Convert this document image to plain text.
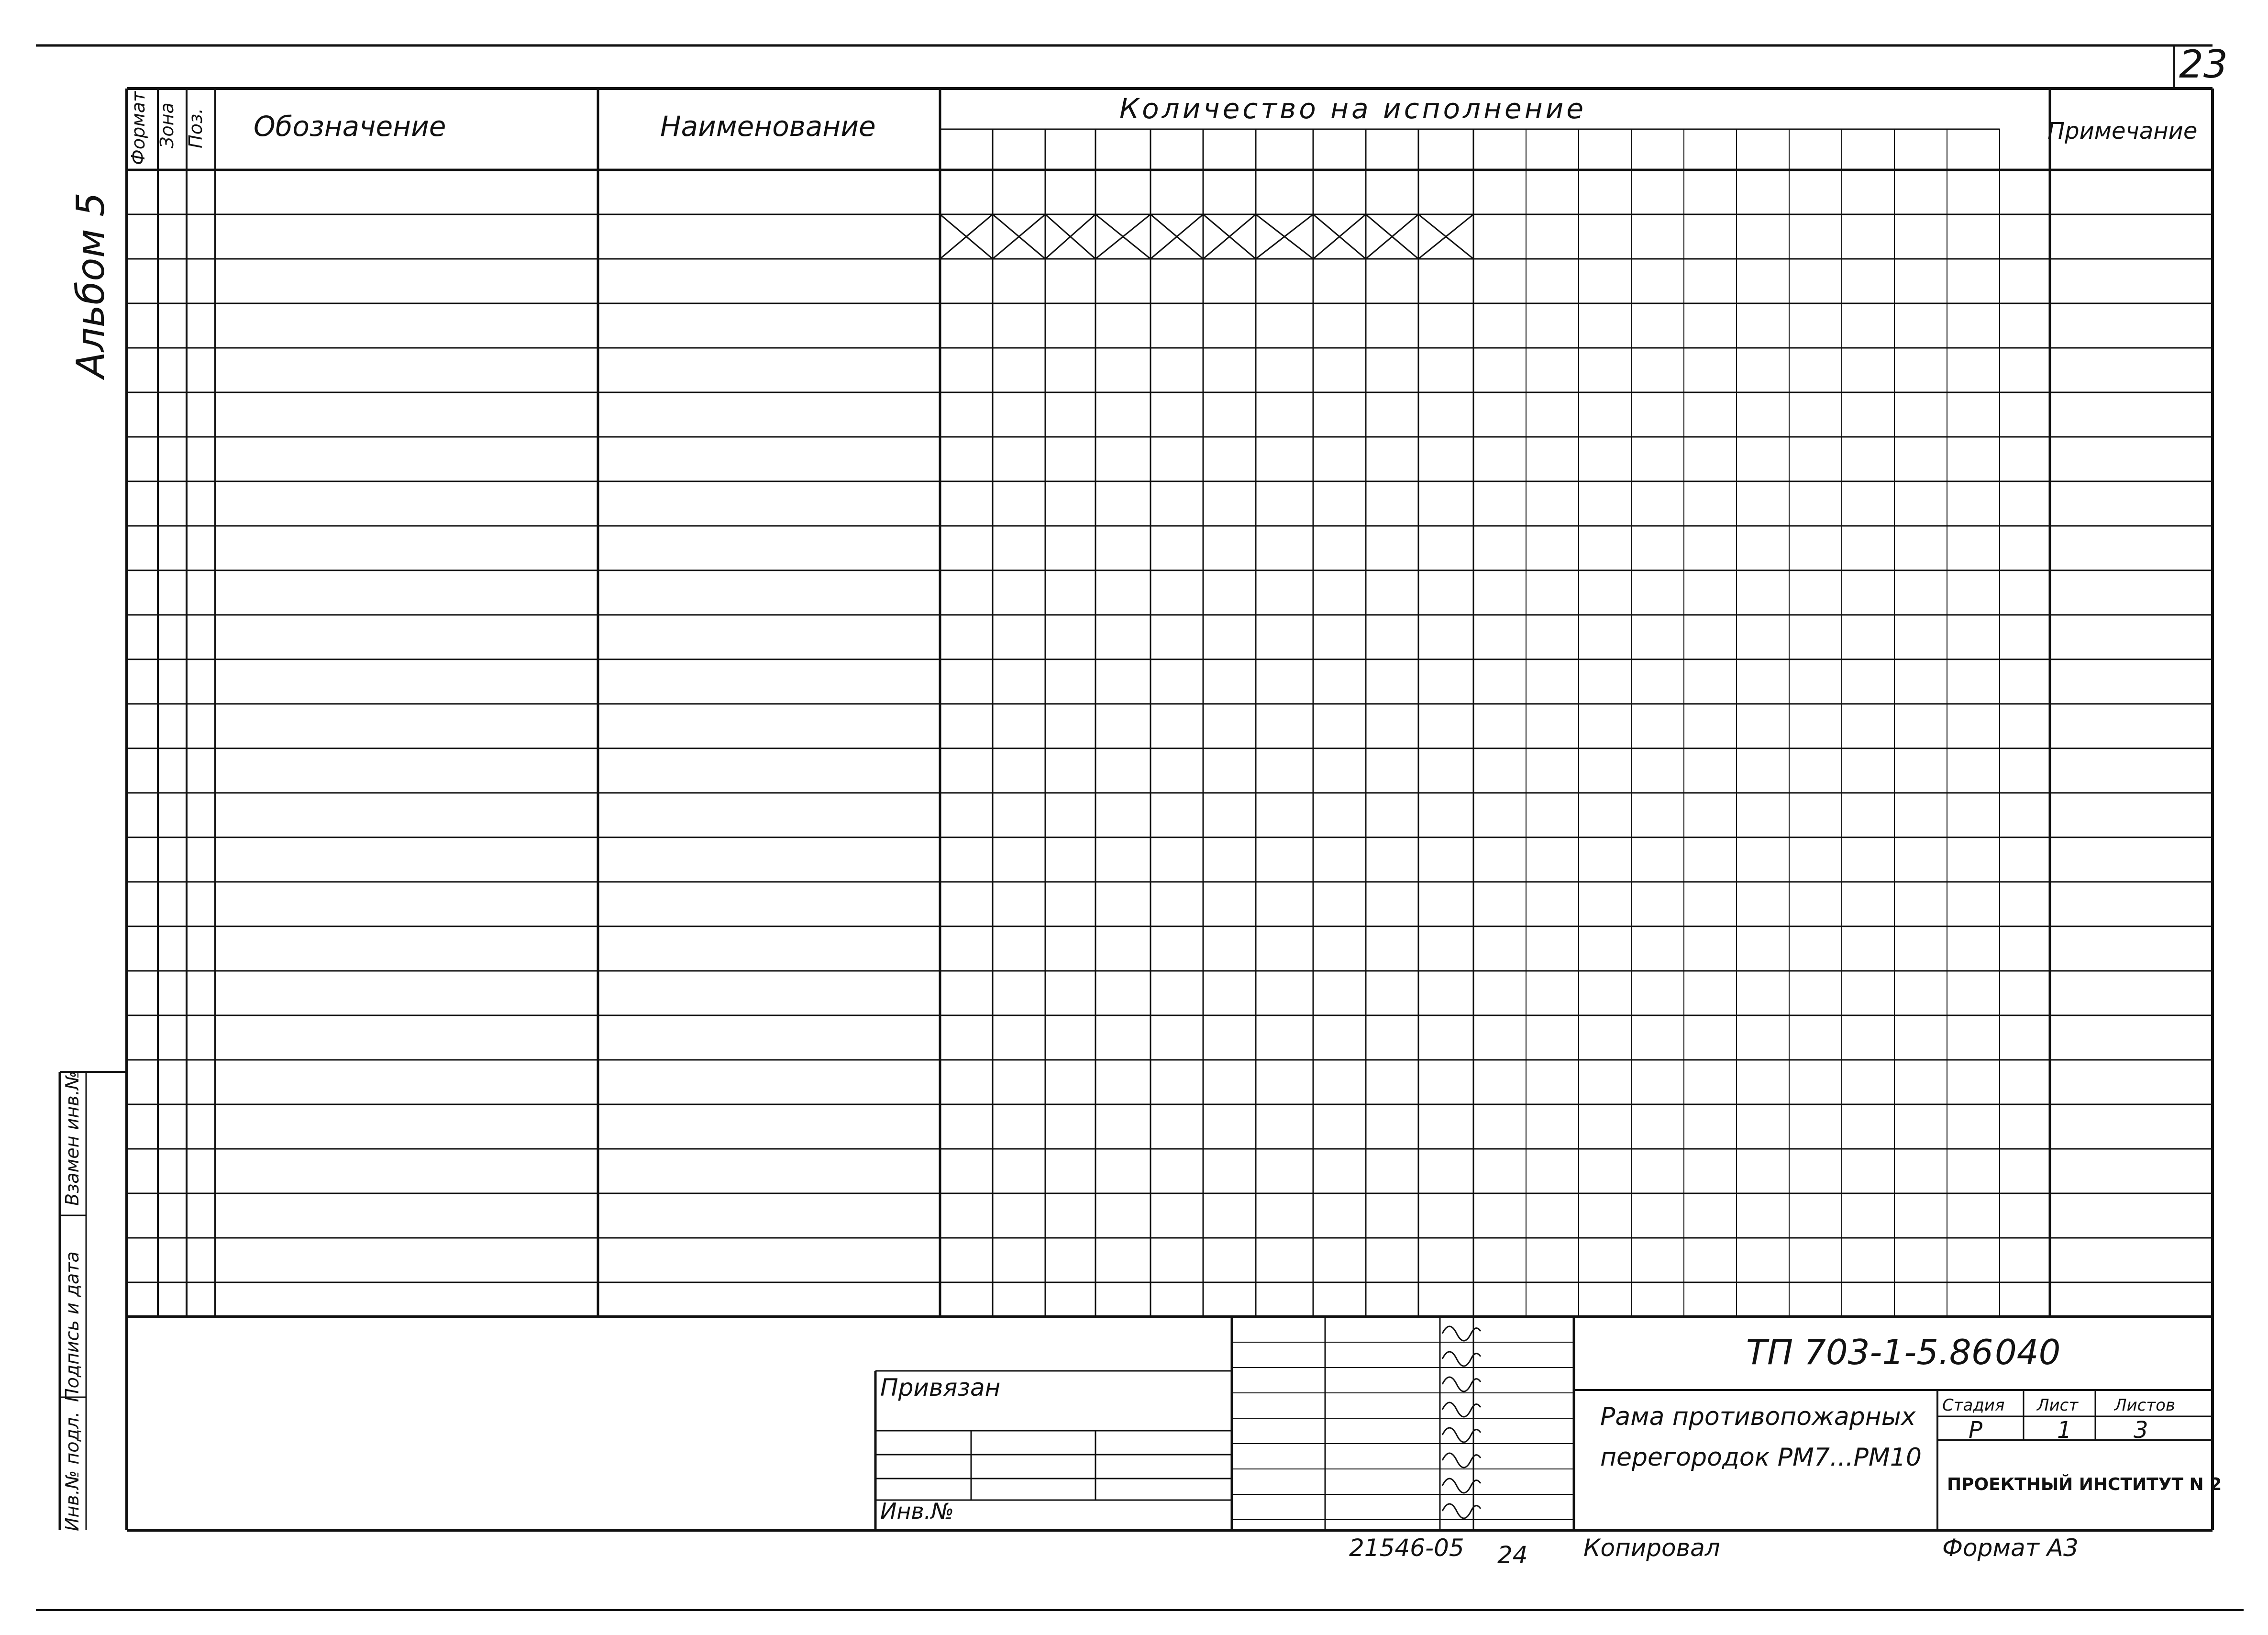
23
Альбом 5
Формат Зона Поз. Обозначение	Наименование
Количество на исполнение
Примечание
Инв.№ подл.
Подпись и дата
Взамен инв.№
Привязан
Инв.№
ТП 703-1-5.86 040
Рама противопожарных
перегородок РМ7...РМ10
Стадия Лист Листов
Р	1	3
ПРОЕКТНЫЙ ИНСТИТУТ N 2
21546-05 24 Копировал	Формат А3
